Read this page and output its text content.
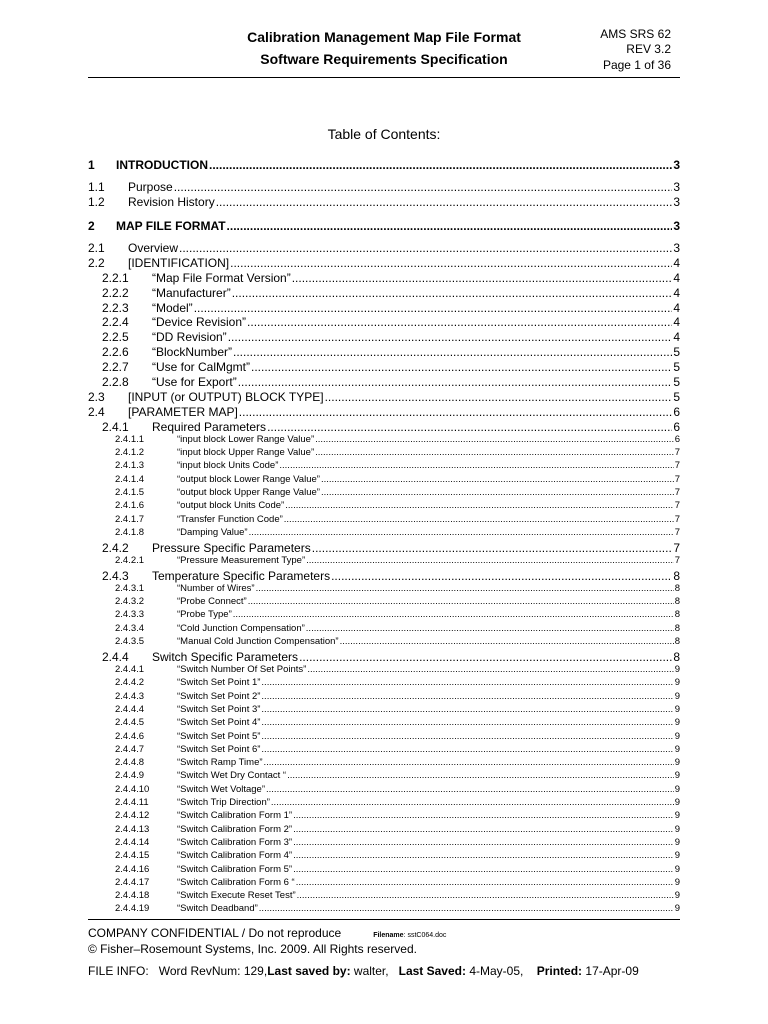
Calibration Management Map File Format
Software Requirements Specification
AMS SRS 62
REV 3.2
Page 1 of 36
Table of Contents:
1	INTRODUCTION .....	3
1.1	Purpose .....	3
1.2	Revision History .....	3
2	MAP FILE FORMAT .....	3
2.1	Overview .....	3
2.2	[IDENTIFICATION] .....	4
2.2.1	“Map File Format Version” .....	4
2.2.2	“Manufacturer” .....	4
2.2.3	“Model” .....	4
2.2.4	“Device Revision” .....	4
2.2.5	“DD Revision” .....	4
2.2.6	“BlockNumber” .....	5
2.2.7	“Use for CalMgmt” .....	5
2.2.8	“Use for Export” .....	5
2.3	[INPUT (or OUTPUT) BLOCK TYPE] .....	5
2.4	[PARAMETER MAP] .....	6
2.4.1	Required Parameters .....	6
2.4.1.1	“input block Lower Range Value” .....	6
2.4.1.2	“input block Upper Range Value” .....	7
2.4.1.3	“input block Units Code” .....	7
2.4.1.4	“output block Lower Range Value” .....	7
2.4.1.5	“output block Upper Range Value” .....	7
2.4.1.6	“output block Units Code” .....	7
2.4.1.7	“Transfer Function Code” .....	7
2.4.1.8	“Damping Value” .....	7
2.4.2	Pressure Specific Parameters .....	7
2.4.2.1	“Pressure Measurement Type” .....	7
2.4.3	Temperature Specific Parameters .....	8
2.4.3.1	“Number of Wires” .....	8
2.4.3.2	“Probe Connect” .....	8
2.4.3.3	“Probe Type” .....	8
2.4.3.4	“Cold Junction Compensation” .....	8
2.4.3.5	“Manual Cold Junction Compensation” .....	8
2.4.4	Switch Specific Parameters .....	8
2.4.4.1	“Switch Number Of Set Points” .....	9
2.4.4.2	“Switch Set Point 1” .....	9
2.4.4.3	“Switch Set Point 2” .....	9
2.4.4.4	“Switch Set Point 3” .....	9
2.4.4.5	“Switch Set Point 4” .....	9
2.4.4.6	“Switch Set Point 5” .....	9
2.4.4.7	“Switch Set Point 6” .....	9
2.4.4.8	“Switch Ramp Time” .....	9
2.4.4.9	“Switch Wet Dry Contact “ .....	9
2.4.4.10	“Switch Wet Voltage” .....	9
2.4.4.11	“Switch Trip Direction” .....	9
2.4.4.12	“Switch Calibration Form 1” .....	9
2.4.4.13	“Switch Calibration Form 2” .....	9
2.4.4.14	“Switch Calibration Form 3” .....	9
2.4.4.15	“Switch Calibration Form 4” .....	9
2.4.4.16	“Switch Calibration Form 5” .....	9
2.4.4.17	“Switch Calibration Form 6 “ .....	9
2.4.4.18	“Switch Execute Reset Test” .....	9
2.4.4.19	“Switch Deadband” .....	9
COMPANY CONFIDENTIAL / Do not reproduce	Filename: sstC064.doc
© Fisher–Rosemount Systems, Inc. 2009. All Rights reserved.
FILE INFO: Word RevNum: 129,Last saved by: walter, Last Saved: 4-May-05, Printed: 17-Apr-09
